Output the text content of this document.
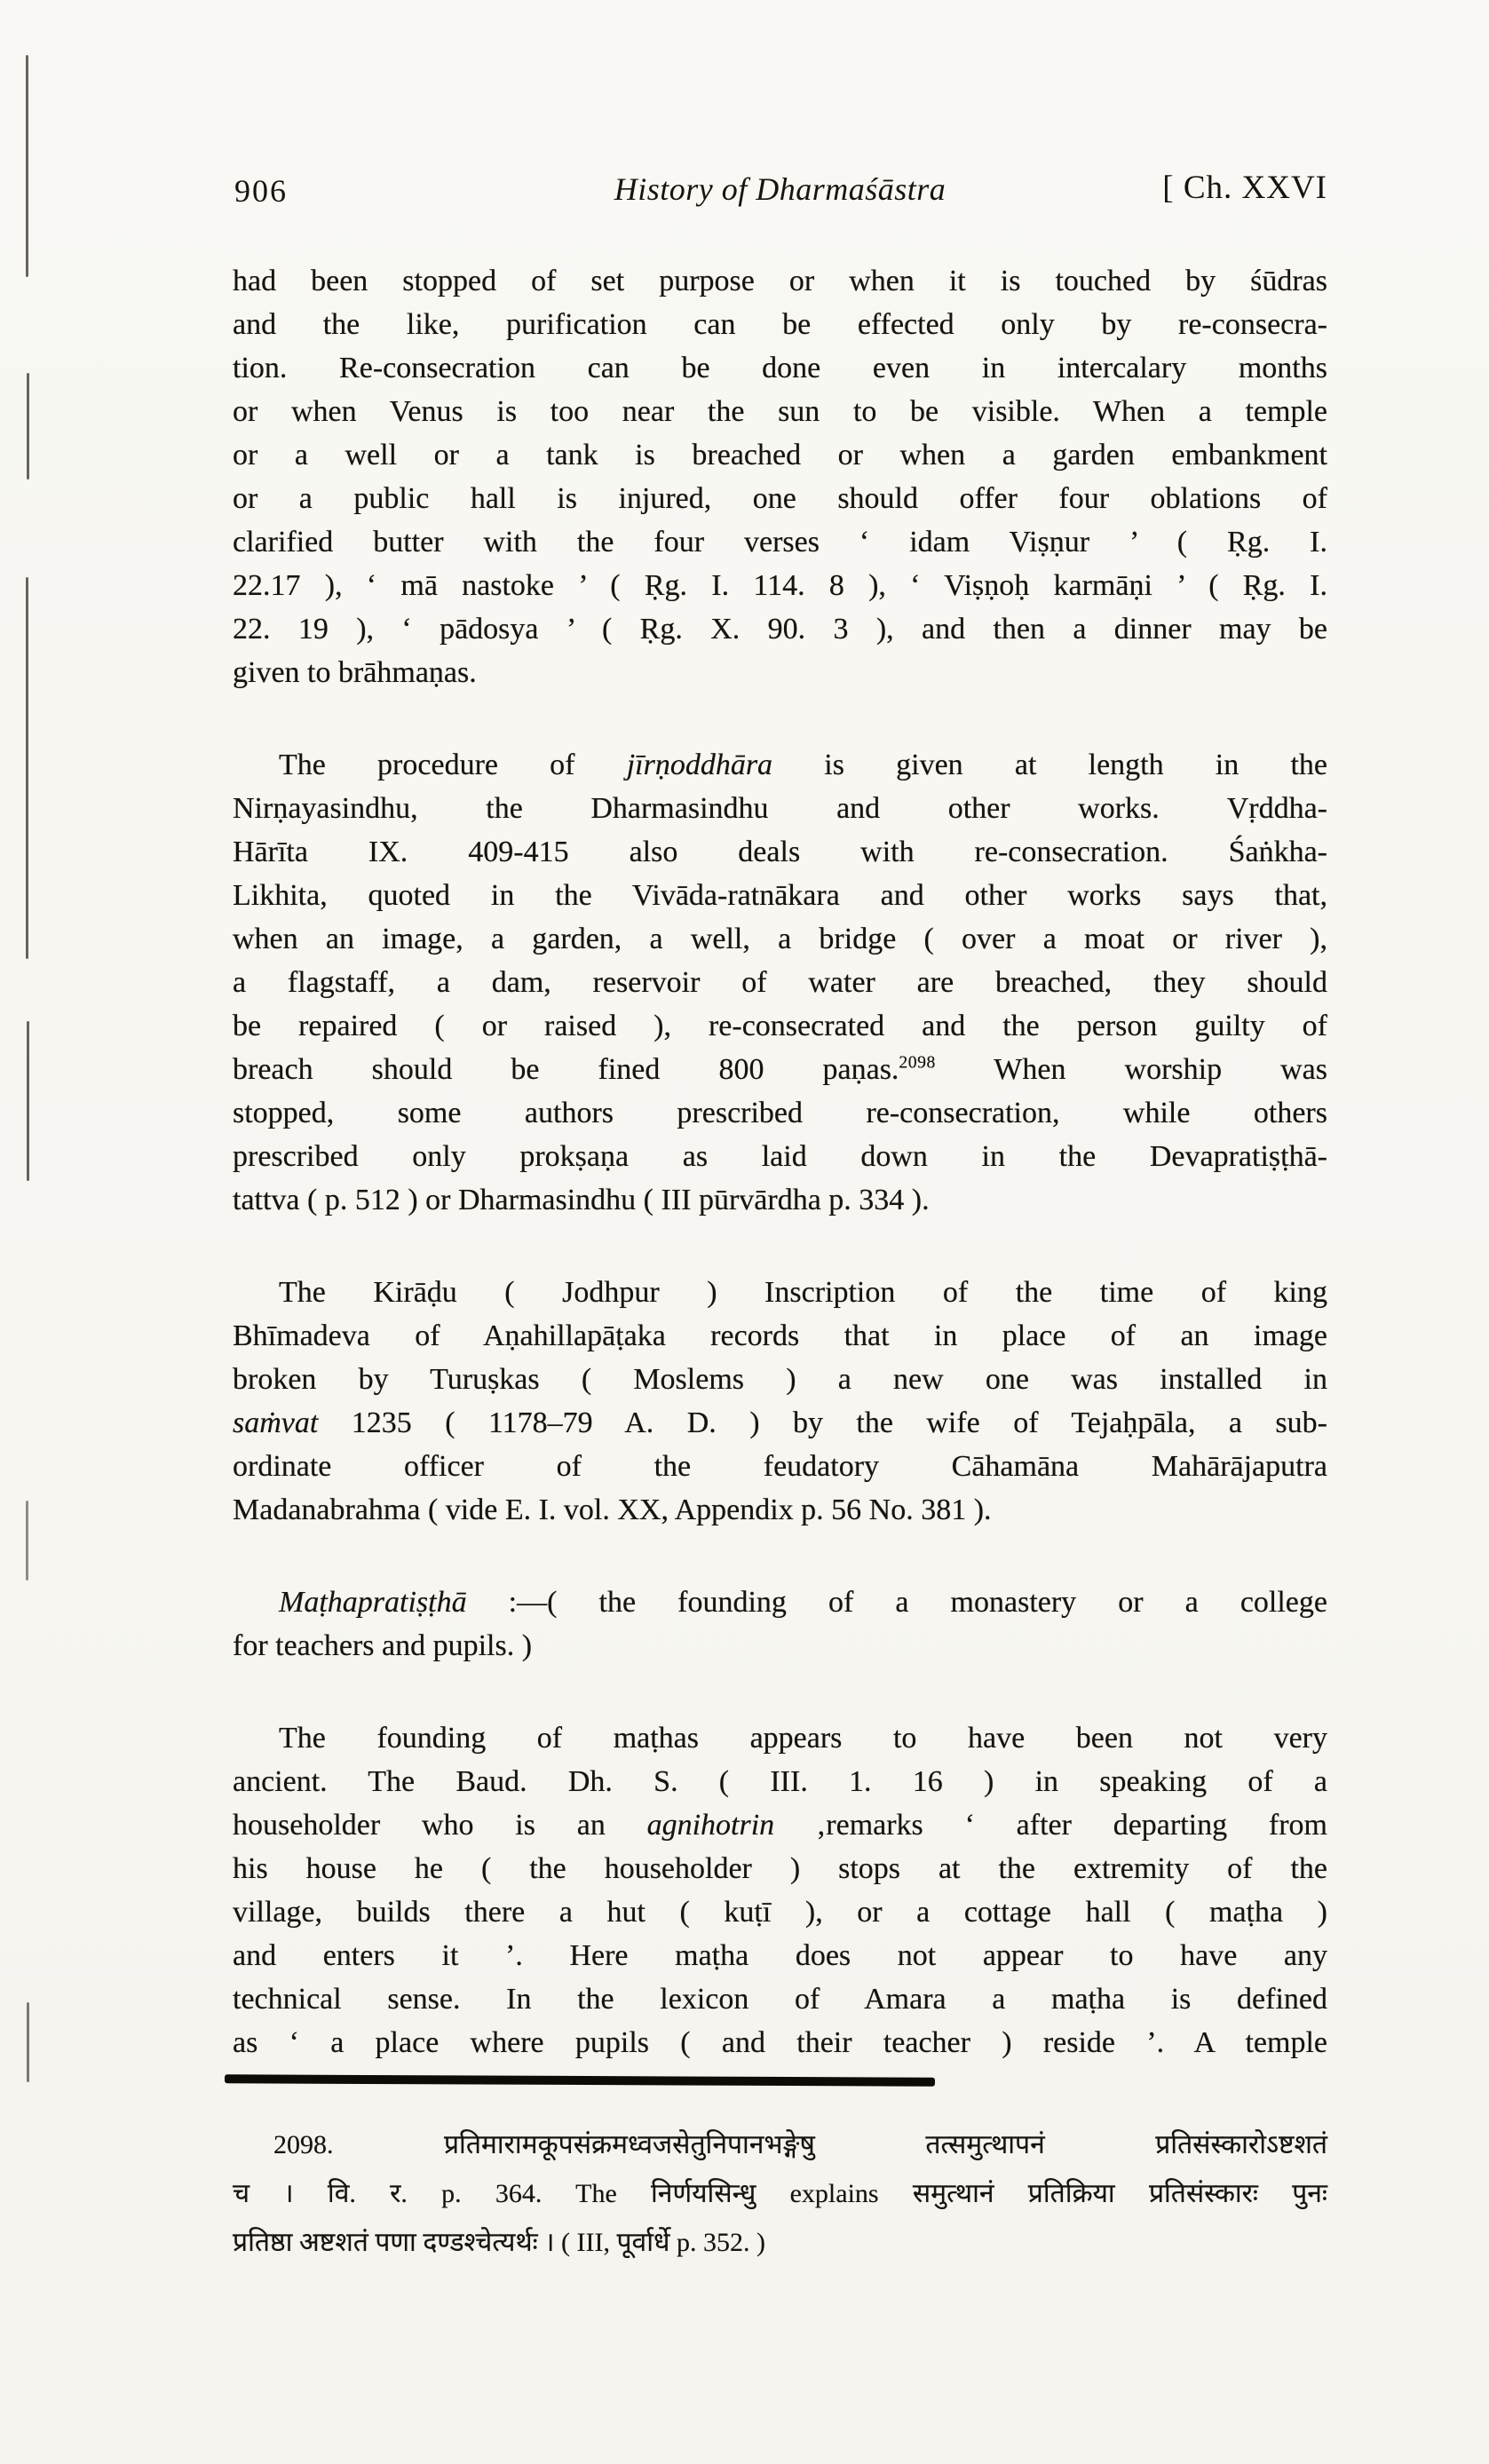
906	History of Dharmaśāstra	[ Ch. XXVI
had been stopped of set purpose or when it is touched by śūdras
and the like, purification can be effected only by re-consecra-
tion. Re-consecration can be done even in intercalary months
or when Venus is too near the sun to be visible. When a temple
or a well or a tank is breached or when a garden embankment
or a public hall is injured, one should offer four oblations of
clarified butter with the four verses ‘ idam Viṣṇur ’ ( Ṛg. I.
22.17 ), ‘ mā nastoke ’ ( Ṛg. I. 114. 8 ), ‘ Viṣṇoḥ karmāṇi ’ ( Ṛg. I.
22. 19 ), ‘ pādosya ’ ( Ṛg. X. 90. 3 ), and then a dinner may be
given to brāhmaṇas.
The procedure of jīrṇoddhāra is given at length in the
Nirṇayasindhu, the Dharmasindhu and other works. Vṛddha-
Hārīta IX. 409-415 also deals with re-consecration. Śaṅkha-
Likhita, quoted in the Vivāda-ratnākara and other works says that,
when an image, a garden, a well, a bridge ( over a moat or river ),
a flagstaff, a dam, reservoir of water are breached, they should
be repaired ( or raised ), re-consecrated and the person guilty of
breach should be fined 800 paṇas.$^{2098}$ When worship was
stopped, some authors prescribed re-consecration, while others
prescribed only prokṣaṇa as laid down in the Devapratiṣṭhā-
tattva ( p. 512 ) or Dharmasindhu ( III pūrvārdha p. 334 ).
The Kirāḍu ( Jodhpur ) Inscription of the time of king
Bhīmadeva of Aṇahillapāṭaka records that in place of an image
broken by Turuṣkas ( Moslems ) a new one was installed in
saṁvat 1235 ( 1178–79 A. D. ) by the wife of Tejaḥpāla, a sub-
ordinate officer of the feudatory Cāhamāna Mahārājaputra
Madanabrahma ( vide E. I. vol. XX, Appendix p. 56 No. 381 ).
Maṭhapratiṣṭhā :—( the founding of a monastery or a college
for teachers and pupils. )
The founding of maṭhas appears to have been not very
ancient. The Baud. Dh. S. ( III. 1. 16 ) in speaking of a
householder who is an agnihotrin ‚remarks ‘ after departing from
his house he ( the householder ) stops at the extremity of the
village, builds there a hut ( kuṭī ), or a cottage hall ( maṭha )
and enters it ’. Here maṭha does not appear to have any
technical sense. In the lexicon of Amara a maṭha is defined
as ‘ a place where pupils ( and their teacher ) reside ’. A temple
2098. प्रतिमारामकूपसंक्रमध्वजसेतुनिपानभङ्गेषु तत्समुत्थापनं प्रतिसंस्कारोऽष्टशतं
च । वि. र. p. 364. The निर्णयसिन्धु explains समुत्थानं प्रतिक्रिया प्रतिसंस्कारः पुनः
प्रतिष्ठा अष्टशतं पणा दण्डश्चेत्यर्थः । ( III, पूर्वार्धे p. 352. )
